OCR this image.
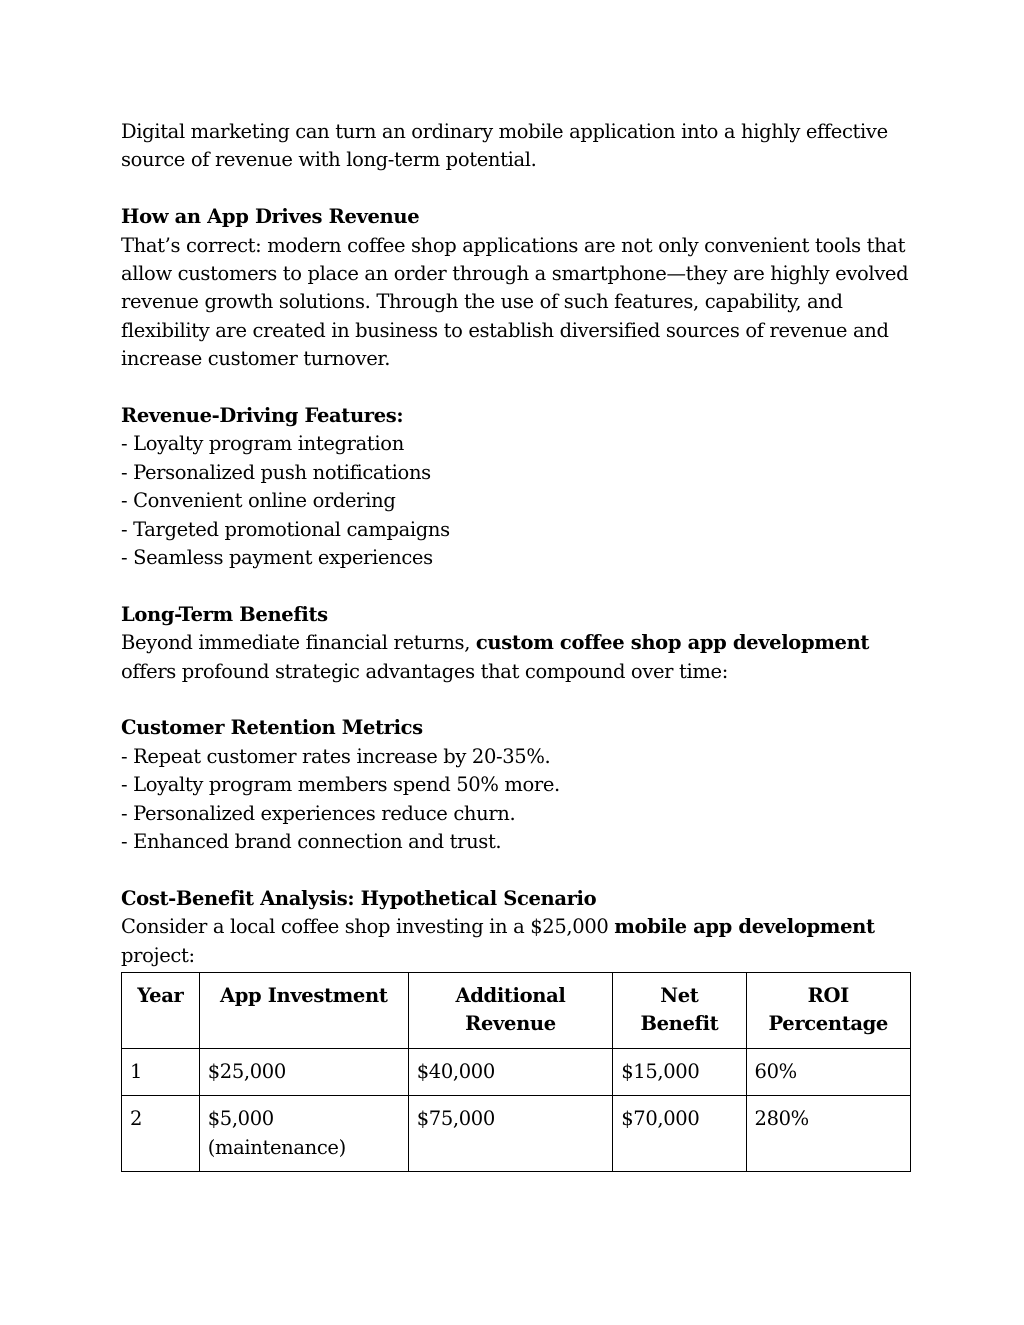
Digital marketing can turn an ordinary mobile application into a highly effective source of revenue with long-term potential.

How an App Drives Revenue

That’s correct: modern coffee shop applications are not only convenient tools that allow customers to place an order through a smartphone—they are highly evolved revenue growth solutions. Through the use of such features, capability, and flexibility are created in business to establish diversified sources of revenue and increase customer turnover.

Revenue-Driving Features:

- Loyalty program integration
- Personalized push notifications
- Convenient online ordering
- Targeted promotional campaigns
- Seamless payment experiences

Long-Term Benefits

Beyond immediate financial returns, custom coffee shop app development offers profound strategic advantages that compound over time:

Customer Retention Metrics

- Repeat customer rates increase by 20-35%.
- Loyalty program members spend 50% more.
- Personalized experiences reduce churn.
- Enhanced brand connection and trust.

Cost-Benefit Analysis: Hypothetical Scenario

Consider a local coffee shop investing in a $25,000 mobile app development project:

Year	App Investment	Additional Revenue	Net Benefit	ROI Percentage
1	$25,000	$40,000	$15,000	60%
2	$5,000 (maintenance)	$75,000	$70,000	280%
